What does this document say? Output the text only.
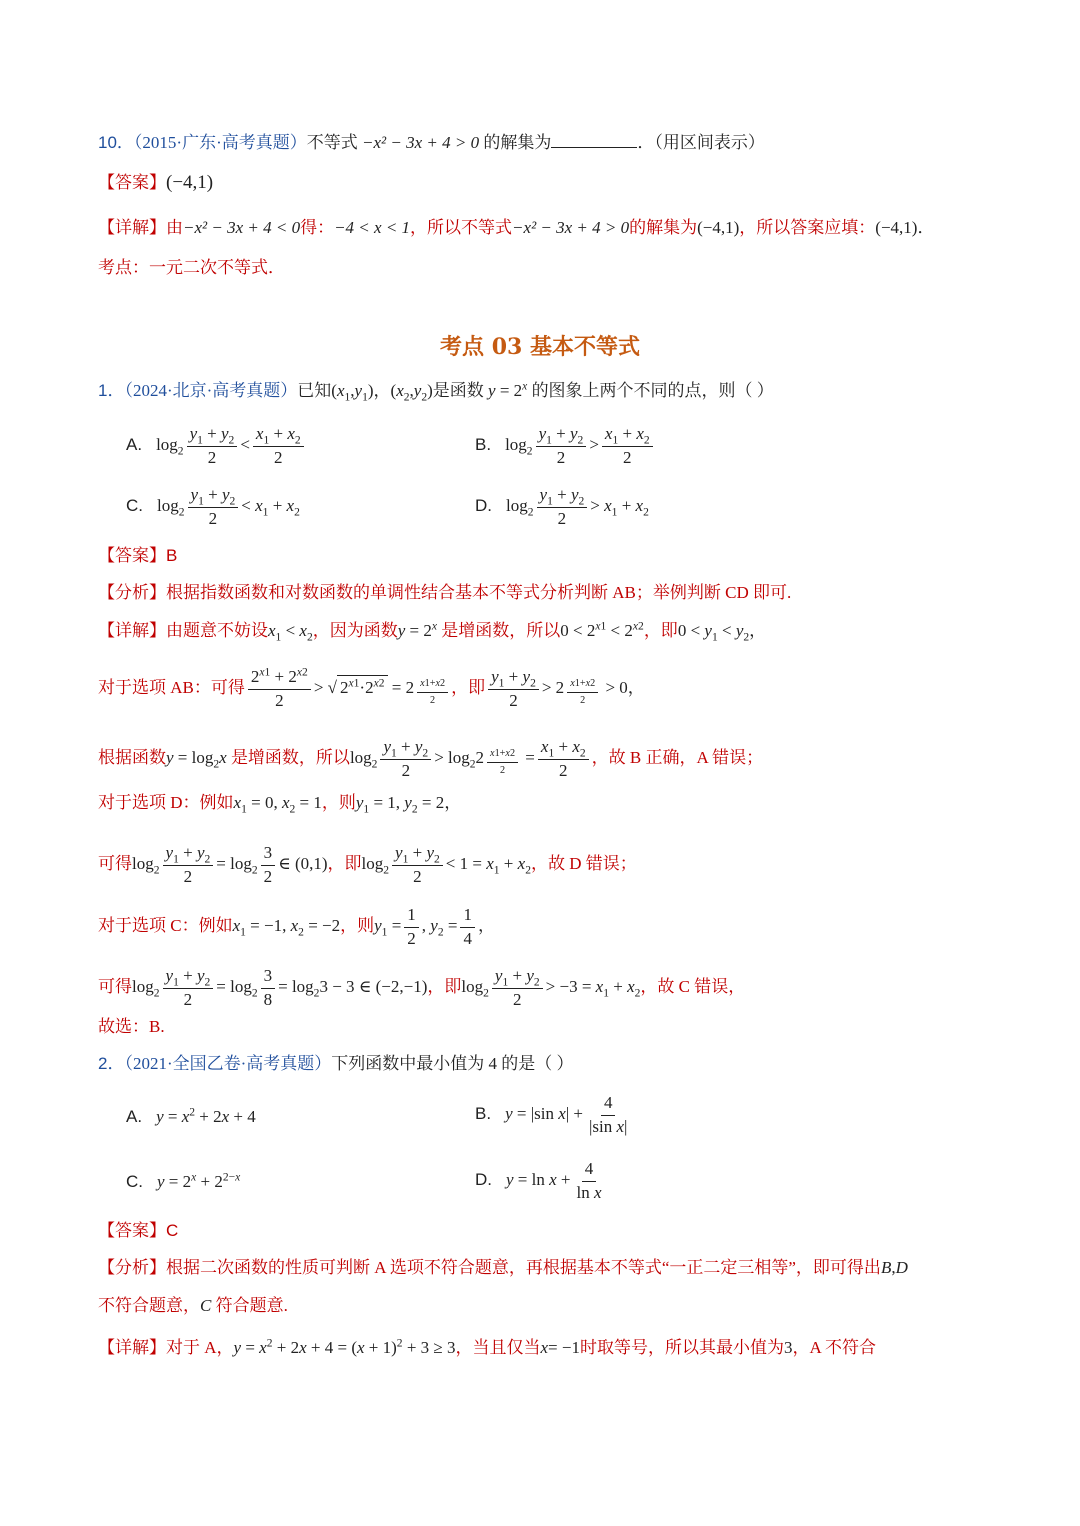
10．（2015·广东·高考真题）不等式 −x² − 3x + 4 > 0 的解集为	．（用区间表示）
【答案】(−4,1)
【详解】由−x² − 3x + 4 < 0得：−4 < x < 1，所以不等式−x² − 3x + 4 > 0的解集为(−4,1)，所以答案应填：(−4,1)．
考点：一元二次不等式．
考点 03 基本不等式
1．（2024·北京·高考真题）已知$(x_1,y_1)$，$(x_2,y_2)$是函数 $y = 2^x$ 的图象上两个不同的点，则（ ）
A. $\log_2 \frac{y_1 + y_2}{2} < \frac{x_1 + x_2}{2}$	B. $\log_2 \frac{y_1 + y_2}{2} > \frac{x_1 + x_2}{2}$
C. $\log_2 \frac{y_1 + y_2}{2} < x_1 + x_2$	D. $\log_2 \frac{y_1 + y_2}{2} > x_1 + x_2$
【答案】B
【分析】根据指数函数和对数函数的单调性结合基本不等式分析判断 AB；举例判断 CD 即可.
【详解】由题意不妨设$x_1 < x_2$，因为函数$y = 2^x$ 是增函数，所以$0 < 2^{x1} < 2^{x2}$，即$0 < y_1 < y_2$，
对于选项 AB：可得 $\frac{2^{x1} + 2^{x2}}{2}$ > √ $2^{x1}\cdot 2^{x2} = 2 \frac{x1+x2}{2}$ ，即 $\frac{y_1 + y_2}{2} > 2 \frac{x1+x2}{2} > 0$，
根据函数$y = \log_2x$ 是增函数，所以$\log_2 \frac{y_1 + y_2}{2} > \log_22 \frac{x1+x2}{2} = \frac{x_1 + x_2}{2}$ ，故 B 正确，A 错误；
对于选项 D：例如$x_1 = 0$, $x_2 = 1$，则$y_1 = 1$, $y_2 = 2$，
可得$\log_2 \frac{y_1 + y_2}{2} = \log_2 \frac{3}{2}$ ∈ (0,1)，即$\log_2 \frac{y_1 + y_2}{2} < 1 = x_1 + x_2$，故 D 错误；
对于选项 C：例如$x_1 = -1$, $x_2 = -2$，则$y_1 = \frac{1}{2}$ , $y_2 = \frac{1}{4}$ ，
可得$\log_2 \frac{y_1 + y_2}{2} = \log_2 \frac{3}{8} = \log_23 - 3$ ∈ (−2,−1)，即$\log_2 \frac{y_1 + y_2}{2} > -3 = x_1 + x_2$，故 C 错误，
故选：B.
2．（2021·全国乙卷·高考真题）下列函数中最小值为 4 的是（ ）
A. $y = x^2 + 2x + 4$	B. y = |sin $x| + \frac{4}{\text{|sin x|}}$
C. $y = 2^x + 2^{2-x}$	D. $y = \ln x + \frac{4}{\text{ln x}}$
【答案】C
【分析】根据二次函数的性质可判断 A 选项不符合题意，再根据基本不等式“一正二定三相等”，即可得出B,D
不符合题意，C 符合题意.
【详解】对于 A，$y = x^2 + 2x + 4 = (x + 1)^2 + 3 \ge 3$，当且仅当x= −1时取等号，所以其最小值为3，A 不符合
